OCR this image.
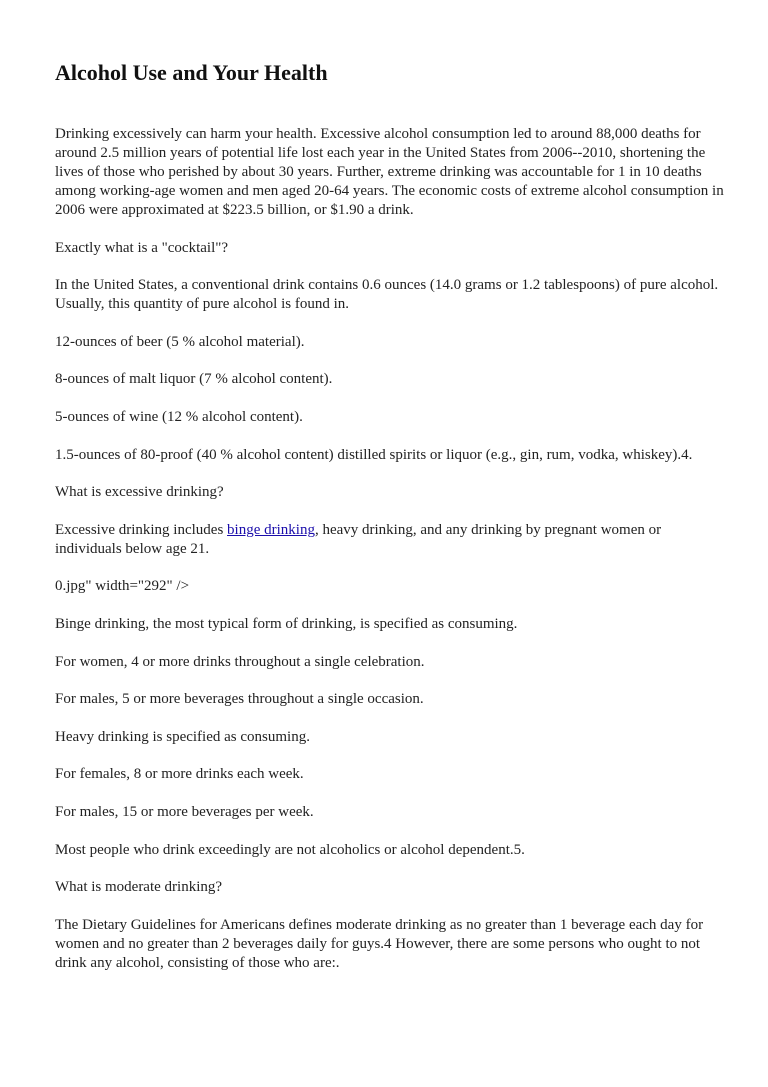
Alcohol Use and Your Health

Drinking excessively can harm your health. Excessive alcohol consumption led to around 88,000 deaths for around 2.5 million years of potential life lost each year in the United States from 2006--2010, shortening the lives of those who perished by about 30 years. Further, extreme drinking was accountable for 1 in 10 deaths among working-age women and men aged 20-64 years. The economic costs of extreme alcohol consumption in 2006 were approximated at $223.5 billion, or $1.90 a drink.

Exactly what is a "cocktail"?

In the United States, a conventional drink contains 0.6 ounces (14.0 grams or 1.2 tablespoons) of pure alcohol. Usually, this quantity of pure alcohol is found in.

12-ounces of beer (5 % alcohol material).

8-ounces of malt liquor (7 % alcohol content).

5-ounces of wine (12 % alcohol content).

1.5-ounces of 80-proof (40 % alcohol content) distilled spirits or liquor (e.g., gin, rum, vodka, whiskey).4.

What is excessive drinking?

Excessive drinking includes binge drinking, heavy drinking, and any drinking by pregnant women or individuals below age 21.

0.jpg" width="292" />

Binge drinking, the most typical form of drinking, is specified as consuming.

For women, 4 or more drinks throughout a single celebration.

For males, 5 or more beverages throughout a single occasion.

Heavy drinking is specified as consuming.

For females, 8 or more drinks each week.

For males, 15 or more beverages per week.

Most people who drink exceedingly are not alcoholics or alcohol dependent.5.

What is moderate drinking?

The Dietary Guidelines for Americans defines moderate drinking as no greater than 1 beverage each day for women and no greater than 2 beverages daily for guys.4 However, there are some persons who ought to not drink any alcohol, consisting of those who are:.
